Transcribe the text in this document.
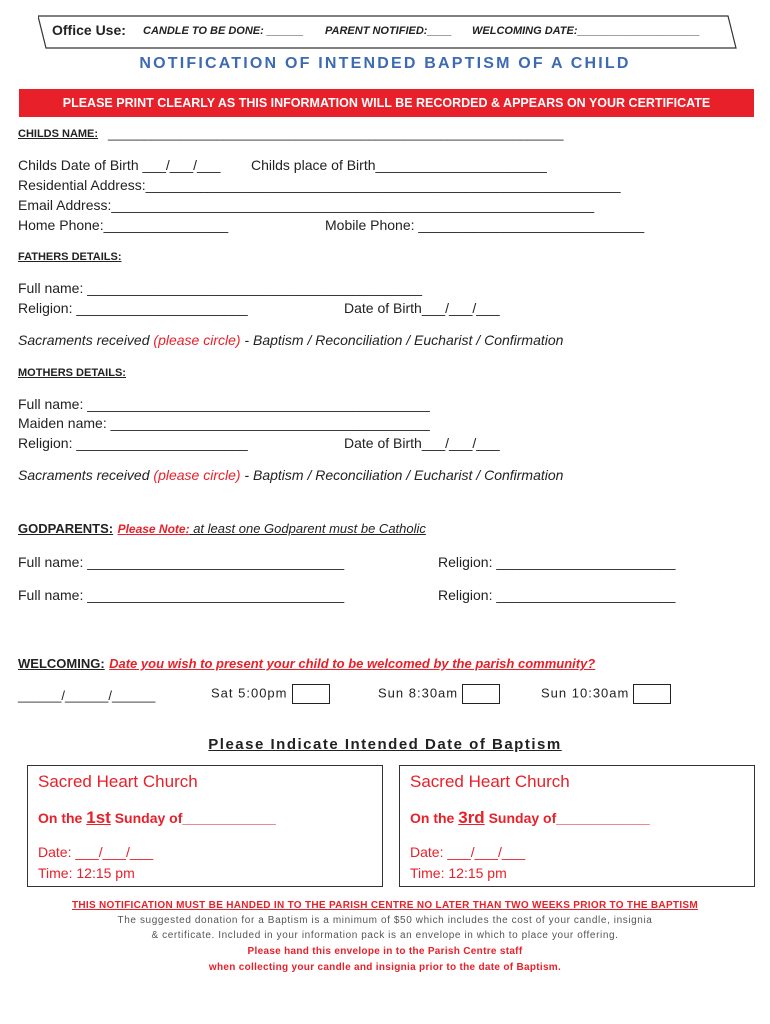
Office Use: CANDLE TO BE DONE: ______ PARENT NOTIFIED:____ WELCOMING DATE:____________________
NOTIFICATION OF INTENDED BAPTISM OF A CHILD
PLEASE PRINT CLEARLY AS THIS INFORMATION WILL BE RECORDED & APPEARS ON YOUR CERTIFICATE
CHILDS NAME: _______________________________________________________________
Childs Date of Birth ___/___/___ Childs place of Birth______________________
Residential Address:_____________________________________________________________
Email Address:______________________________________________________________
Home Phone:________________	Mobile Phone: _____________________________
FATHERS DETAILS:
Full name: ___________________________________________
Religion: ______________________	Date of Birth___/___/___
Sacraments received (please circle) - Baptism / Reconciliation / Eucharist / Confirmation
MOTHERS DETAILS:
Full name: ____________________________________________
Maiden name: _________________________________________
Religion: ______________________	Date of Birth___/___/___
Sacraments received (please circle) - Baptism / Reconciliation / Eucharist / Confirmation
GODPARENTS: Please Note: at least one Godparent must be Catholic
Full name: _________________________________	Religion: _______________________
Full name: _________________________________	Religion: _______________________
WELCOMING: Date you wish to present your child to be welcomed by the parish community?
______/______/______	Sat 5:00pm	Sun 8:30am	Sun 10:30am
Please Indicate Intended Date of Baptism
Sacred Heart Church
On the 1st Sunday of____________
Date: ___/___/___
Time: 12:15 pm
Sacred Heart Church
On the 3rd Sunday of____________
Date: ___/___/___
Time: 12:15 pm
THIS NOTIFICATION MUST BE HANDED IN TO THE PARISH CENTRE NO LATER THAN TWO WEEKS PRIOR TO THE BAPTISM
The suggested donation for a Baptism is a minimum of $50 which includes the cost of your candle, insignia
& certificate. Included in your information pack is an envelope in which to place your offering.
Please hand this envelope in to the Parish Centre staff
when collecting your candle and insignia prior to the date of Baptism.
